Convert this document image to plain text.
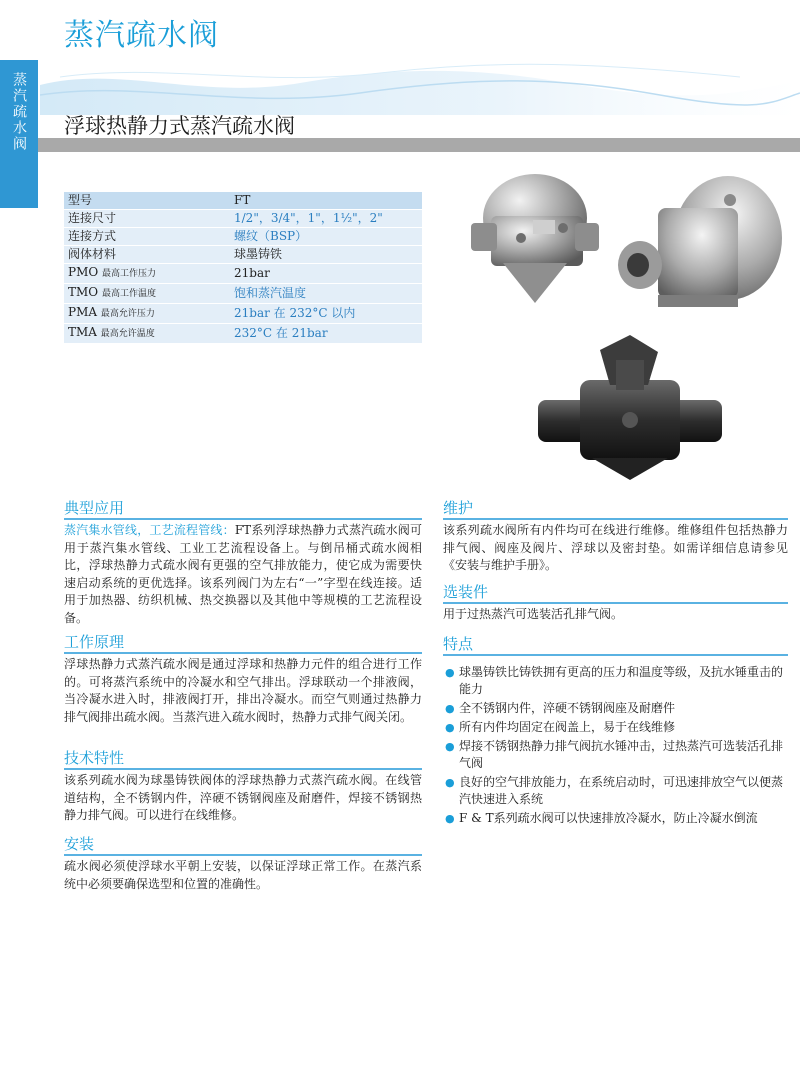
蒸汽疏水阀
蒸汽疏水阀 浮球热静力式蒸汽疏水阀
型号	FT
连接尺寸	1/2"，3/4"，1"，1½"，2"
连接方式	螺纹（BSP）
阀体材料	球墨铸铁
PMO 最高工作压力	21bar
TMO 最高工作温度	饱和蒸汽温度
PMA 最高允许压力	21bar 在 232°C 以内
TMA 最高允许温度	232°C 在 21bar
典型应用
蒸汽集水管线，工艺流程管线：FT系列浮球热静力式蒸汽疏水阀可用于蒸汽集水管线、工业工艺流程设备上。与倒吊桶式疏水阀相比，浮球热静力式疏水阀有更强的空气排放能力，使它成为需要快速启动系统的更优选择。该系列阀门为左右“一”字型在线连接。适用于加热器、纺织机械、热交换器以及其他中等规模的工艺流程设备。
工作原理
浮球热静力式蒸汽疏水阀是通过浮球和热静力元件的组合进行工作的。可将蒸汽系统中的冷凝水和空气排出。浮球联动一个排液阀，当冷凝水进入时，排液阀打开，排出冷凝水。而空气则通过热静力排气阀排出疏水阀。当蒸汽进入疏水阀时，热静力式排气阀关闭。
技术特性
该系列疏水阀为球墨铸铁阀体的浮球热静力式蒸汽疏水阀。在线管道结构，全不锈钢内件，淬硬不锈钢阀座及耐磨件，焊接不锈钢热静力排气阀。可以进行在线维修。
安装
疏水阀必须使浮球水平朝上安装，以保证浮球正常工作。在蒸汽系统中必须要确保选型和位置的准确性。
维护
该系列疏水阀所有内件均可在线进行维修。维修组件包括热静力排气阀、阀座及阀片、浮球以及密封垫。如需详细信息请参见《安装与维护手册》。
选装件
用于过热蒸汽可选装活孔排气阀。
特点
● 球墨铸铁比铸铁拥有更高的压力和温度等级，及抗水锤重击的能力
● 全不锈钢内件，淬硬不锈钢阀座及耐磨件
● 所有内件均固定在阀盖上，易于在线维修
● 焊接不锈钢热静力排气阀抗水锤冲击，过热蒸汽可选装活孔排气阀
● 良好的空气排放能力，在系统启动时，可迅速排放空气以便蒸汽快速进入系统
● F & T系列疏水阀可以快速排放冷凝水，防止冷凝水倒流
